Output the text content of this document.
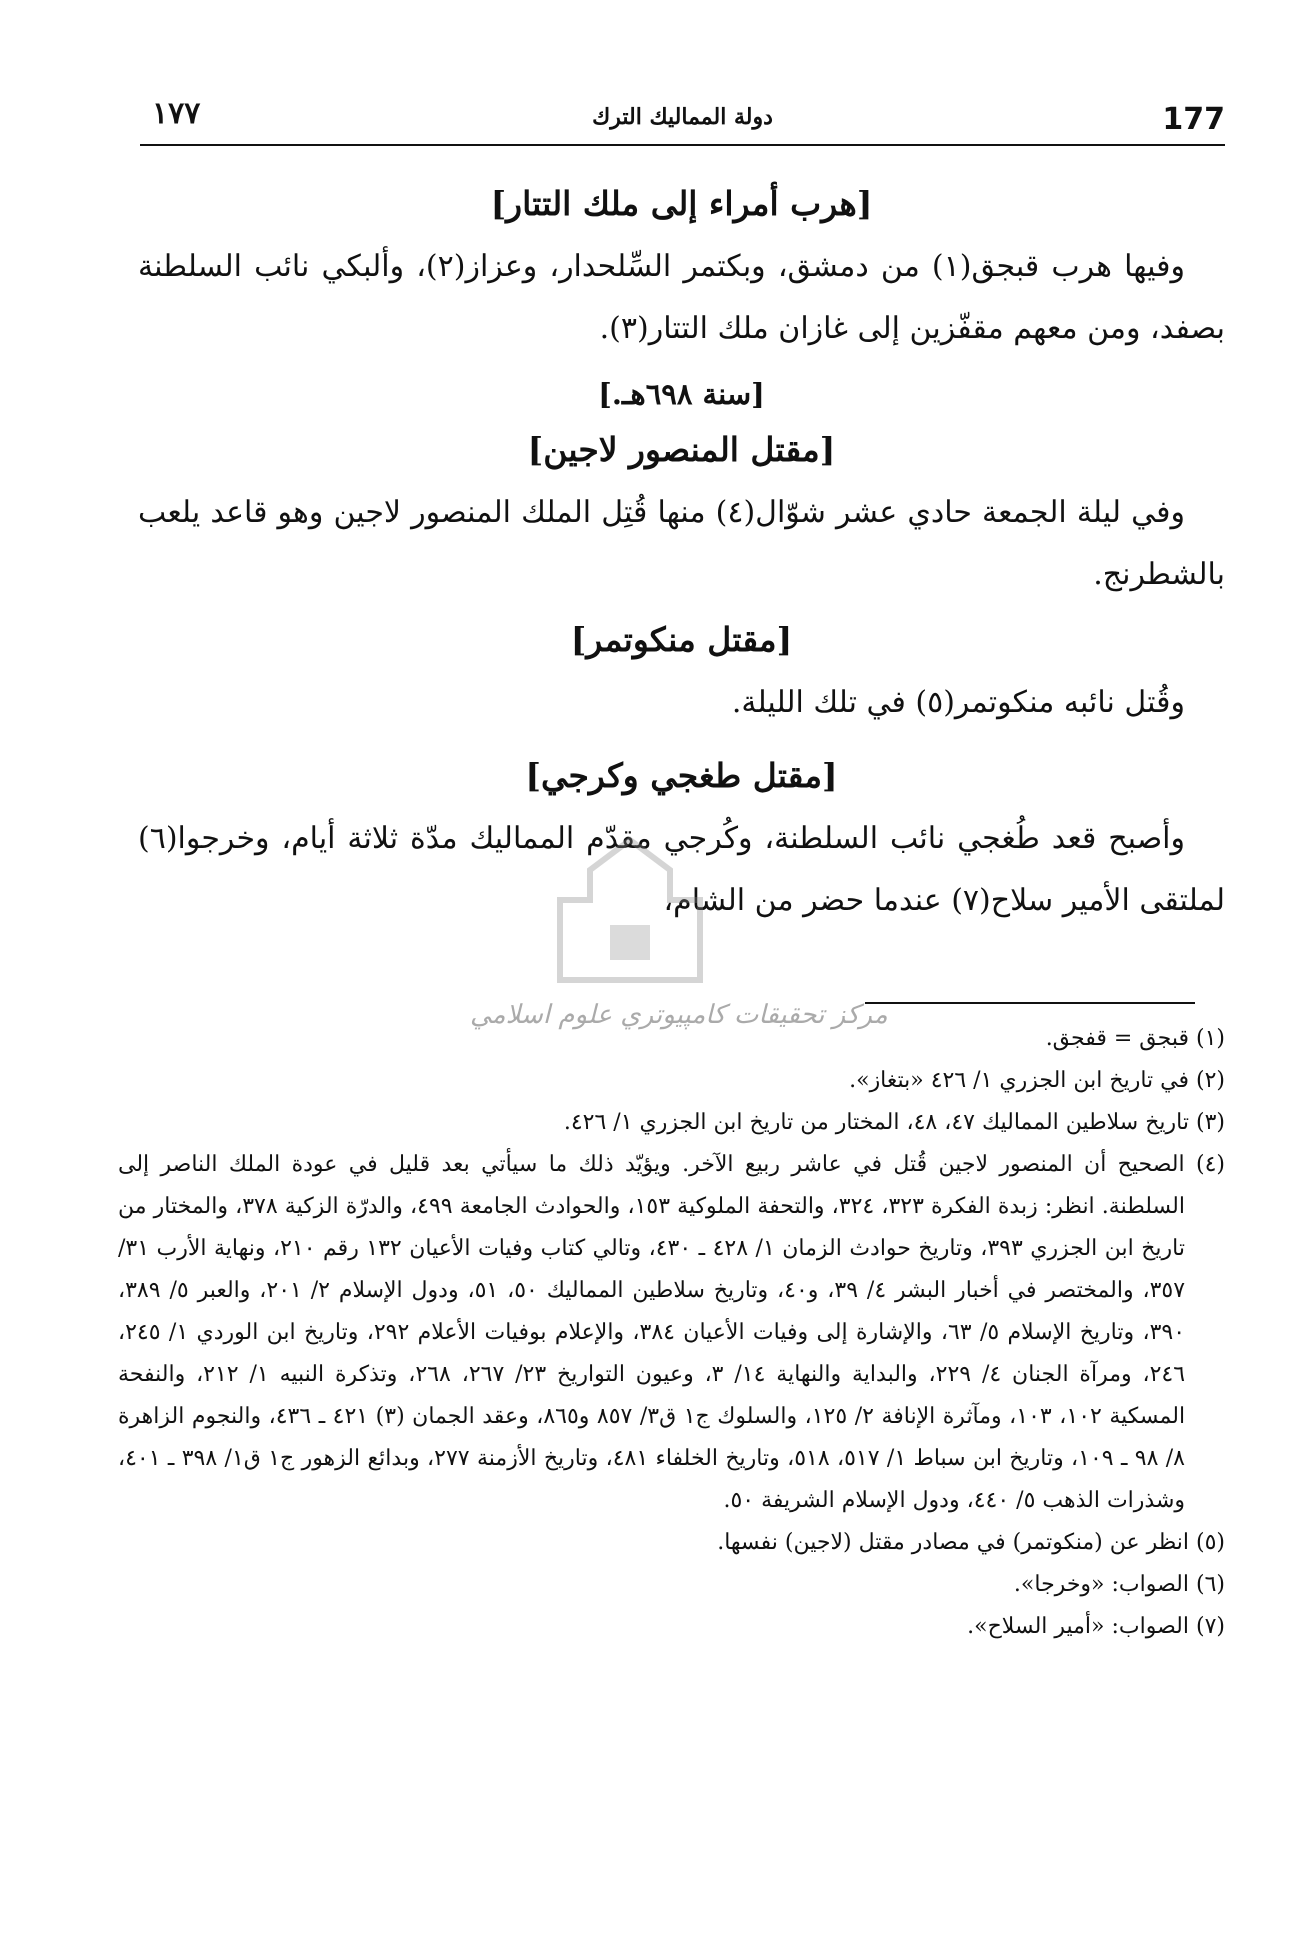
١٧٧	دولة المماليك الترك	177
[هرب أمراء إلى ملك التتار]

وفيها هرب قبجق(١) من دمشق، وبكتمر السِّلحدار، وعزاز(٢)، وألبكي نائب السلطنة بصفد، ومن معهم مقفّزين إلى غازان ملك التتار(٣).

[سنة ٦٩٨هـ.]
[مقتل المنصور لاجين]

وفي ليلة الجمعة حادي عشر شوّال(٤) منها قُتِل الملك المنصور لاجين وهو قاعد يلعب بالشطرنج.

[مقتل منكوتمر]

وقُتل نائبه منكوتمر(٥) في تلك الليلة.

[مقتل طغجي وكرجي]

وأصبح قعد طُغجي نائب السلطنة، وكُرجي مقدّم المماليك مدّة ثلاثة أيام، وخرجوا(٦) لملتقى الأمير سلاح(٧) عندما حضر من الشام،

مركز تحقيقات كامپيوتري علوم اسلامي

(١) قبجق = قفجق.

(٢) في تاريخ ابن الجزري ١/ ٤٢٦ «بتغاز».

(٣) تاريخ سلاطين المماليك ٤٧، ٤٨، المختار من تاريخ ابن الجزري ١/ ٤٢٦.

(٤) الصحيح أن المنصور لاجين قُتل في عاشر ربيع الآخر. ويؤيّد ذلك ما سيأتي بعد قليل في عودة الملك الناصر إلى السلطنة. انظر: زبدة الفكرة ٣٢٣، ٣٢٤، والتحفة الملوكية ١٥٣، والحوادث الجامعة ٤٩٩، والدرّة الزكية ٣٧٨، والمختار من تاريخ ابن الجزري ٣٩٣، وتاريخ حوادث الزمان ١/ ٤٢٨ ـ ٤٣٠، وتالي كتاب وفيات الأعيان ١٣٢ رقم ٢١٠، ونهاية الأرب ٣١/ ٣٥٧، والمختصر في أخبار البشر ٤/ ٣٩، و٤٠، وتاريخ سلاطين المماليك ٥٠، ٥١، ودول الإسلام ٢/ ٢٠١، والعبر ٥/ ٣٨٩، ٣٩٠، وتاريخ الإسلام ٥/ ٦٣، والإشارة إلى وفيات الأعيان ٣٨٤، والإعلام بوفيات الأعلام ٢٩٢، وتاريخ ابن الوردي ١/ ٢٤٥، ٢٤٦، ومرآة الجنان ٤/ ٢٢٩، والبداية والنهاية ١٤/ ٣، وعيون التواريخ ٢٣/ ٢٦٧، ٢٦٨، وتذكرة النبيه ١/ ٢١٢، والنفحة المسكية ١٠٢، ١٠٣، ومآثرة الإنافة ٢/ ١٢٥، والسلوك ج١ ق٣/ ٨٥٧ و٨٦٥، وعقد الجمان (٣) ٤٢١ ـ ٤٣٦، والنجوم الزاهرة ٨/ ٩٨ ـ ١٠٩، وتاريخ ابن سباط ١/ ٥١٧، ٥١٨، وتاريخ الخلفاء ٤٨١، وتاريخ الأزمنة ٢٧٧، وبدائع الزهور ج١ ق١/ ٣٩٨ ـ ٤٠١، وشذرات الذهب ٥/ ٤٤٠، ودول الإسلام الشريفة ٥٠.

(٥) انظر عن (منكوتمر) في مصادر مقتل (لاجين) نفسها.

(٦) الصواب: «وخرجا».

(٧) الصواب: «أمير السلاح».
